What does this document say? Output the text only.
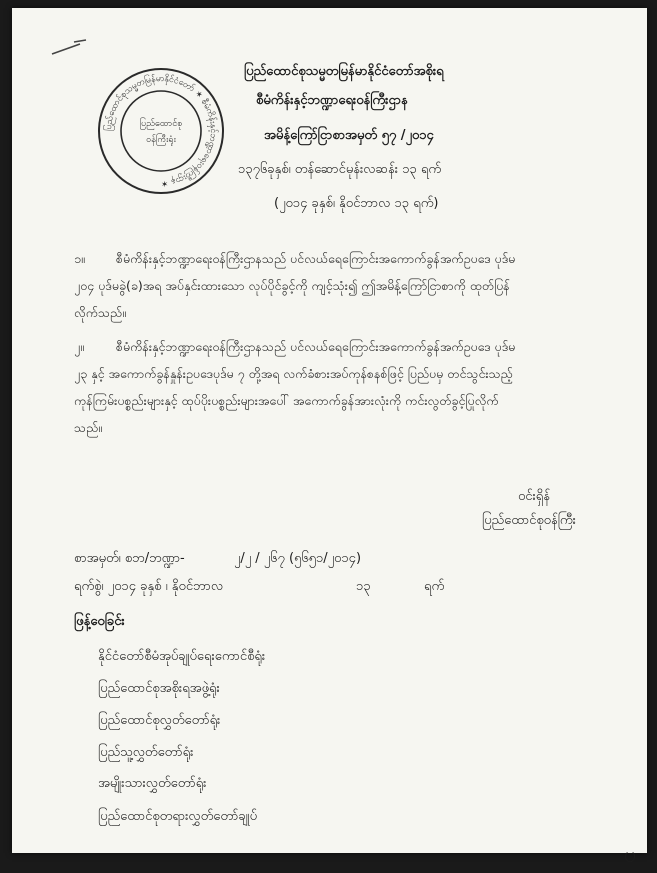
ပြည်ထောင်စုသမ္မတမြန်မာနိုင်ငံတော် ✶ စီမံကိန်းနှင့်ဘဏ္ဍာရေးဝန်ကြီးဌာန ✶
ပြည်ထောင်စု
ဝန်ကြီးရုံး
ပြည်ထောင်စုသမ္မတမြန်မာနိုင်ငံတော်အစိုးရ
စီမံကိန်းနှင့်ဘဏ္ဍာရေးဝန်ကြီးဌာန
အမိန့်ကြော်ငြာစာအမှတ် ၅၇ /၂၀၁၄
၁၃၇၆ခုနှစ်၊ တန်ဆောင်မုန်းလဆန်း ၁၃ ရက်
(၂၀၁၄ ခုနှစ်၊ နိုဝင်ဘာလ ၁၃ ရက်)
၁။ စီမံကိန်းနှင့်ဘဏ္ဍာရေးဝန်ကြီးဌာနသည် ပင်လယ်ရေကြောင်းအကောက်ခွန်အက်ဥပဒေ ပုဒ်မ
၂၀၄ ပုဒ်မခွဲ(ခ)အရ အပ်နှင်းထားသော လုပ်ပိုင်ခွင့်ကို ကျင့်သုံး၍ ဤအမိန့်ကြော်ငြာစာကို ထုတ်ပြန်
လိုက်သည်။
၂။	စီမံကိန်းနှင့်ဘဏ္ဍာရေးဝန်ကြီးဌာနသည် ပင်လယ်ရေကြောင်းအကောက်ခွန်အက်ဥပဒေ ပုဒ်မ
၂၃ နှင့် အကောက်ခွန်နှုန်းဥပဒေပုဒ်မ ၇ တို့အရ လက်ခံစားအပ်ကုန်စနစ်ဖြင့် ပြည်ပမှ တင်သွင်းသည့်
ကုန်ကြမ်းပစ္စည်းများနှင့် ထုပ်ပိုးပစ္စည်းများအပေါ် အကောက်ခွန်အားလုံးကို ကင်းလွတ်ခွင့်ပြုလိုက်
သည်။
ဝင်းရှိန်
ပြည်ထောင်စုဝန်ကြီး
စာအမှတ်၊ စဘ/ဘဏ္ဍာ-	၂/၂ / ၂၆၇ (၅၆၅၁/၂၀၁၄)
ရက်စွဲ၊ ၂၀၁၄ ခုနှစ် ၊ နိုဝင်ဘာလ	၁၃	ရက်
ဖြန့်ဝေခြင်း
နိုင်ငံတော်စီမံအုပ်ချုပ်ရေးကောင်စီရုံး
ပြည်ထောင်စုအစိုးရအဖွဲ့ရုံး
ပြည်ထောင်စုလွှတ်တော်ရုံး
ပြည်သူ့လွှတ်တော်ရုံး
အမျိုးသားလွှတ်တော်ရုံး
ပြည်ထောင်စုတရားလွှတ်တော်ချုပ်
ပ
